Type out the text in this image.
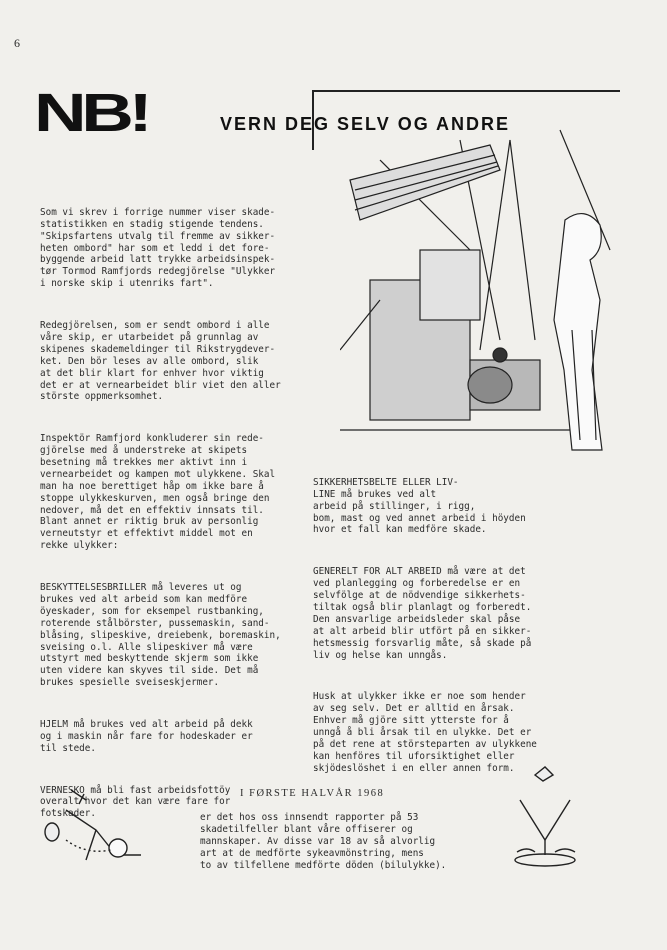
6
NB!	VERN DEG SELV OG ANDRE

Som vi skrev i forrige nummer viser skade-
statistikken en stadig stigende tendens.
"Skipsfartens utvalg til fremme av sikker-
heten ombord" har som et ledd i det fore-
byggende arbeid latt trykke arbeidsinspek-
tør Tormod Ramfjords redegjörelse "Ulykker
i norske skip i utenriks fart".

Redegjörelsen, som er sendt ombord i alle
våre skip, er utarbeidet på grunnlag av
skipenes skademeldinger til Rikstrygdever-
ket. Den bör leses av alle ombord, slik
at det blir klart for enhver hvor viktig
det er at vernearbeidet blir viet den aller
störste oppmerksomhet.

Inspektör Ramfjord konkluderer sin rede-
gjörelse med å understreke at skipets
besetning må trekkes mer aktivt inn i
vernearbeidet og kampen mot ulykkene. Skal
man ha noe berettiget håp om ikke bare å
stoppe ulykkeskurven, men også bringe den
nedover, må det en effektiv innsats til.
Blant annet er riktig bruk av personlig
verneutstyr et effektivt middel mot en
rekke ulykker:

BESKYTTELSESBRILLER må leveres ut og
brukes ved alt arbeid som kan medföre
öyeskader, som for eksempel rustbanking,
roterende stålbörster, pussemaskin, sand-
blåsing, slipeskive, dreiebenk, boremaskin,
sveising o.l. Alle slipeskiver må være
utstyrt med beskyttende skjerm som ikke
uten videre kan skyves til side. Det må
brukes spesielle sveiseskjermer.

HJELM må brukes ved alt arbeid på dekk
og i maskin når fare for hodeskader er
til stede.

VERNESKO må bli fast arbeidsfottöy
overalt hvor det kan være fare for
fotskader.

SIKKERHETSBELTE ELLER LIV-
LINE må brukes ved alt
arbeid på stillinger, i rigg,
bom, mast og ved annet arbeid i höyden
hvor et fall kan medföre skade.

GENERELT FOR ALT ARBEID må være at det
ved planlegging og forberedelse er en
selvfölge at de nödvendige sikkerhets-
tiltak også blir planlagt og forberedt.
Den ansvarlige arbeidsleder skal påse
at alt arbeid blir utfört på en sikker-
hetsmessig forsvarlig måte, så skade på
liv og helse kan unngås.

Husk at ulykker ikke er noe som hender
av seg selv. Det er alltid en årsak.
Enhver må gjöre sitt ytterste for å
unngå å bli årsak til en ulykke. Det er
på det rene at störsteparten av ulykkene
kan henföres til uforsiktighet eller
skjödeslöshet i en eller annen form.

I FØRSTE HALVÅR 1968
er det hos oss innsendt rapporter på 53
skadetilfeller blant våre offiserer og
mannskaper. Av disse var 18 av så alvorlig
art at de medförte sykeavmönstring, mens
to av tilfellene medförte döden (bilulykke).
